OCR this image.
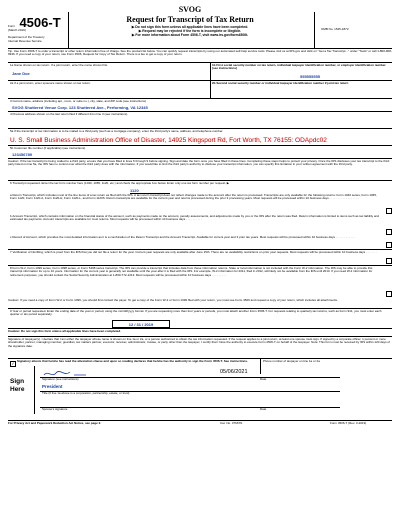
Form 4506-T
(March 2019)
Department of the Treasury
Internal Revenue Service
SVOG
Request for Transcript of Tax Return
▶ Do not sign this form unless all applicable lines have been completed.
▶ Request may be rejected if the form is incomplete or illegible.
▶ For more information about Form 4506-T, visit www.irs.gov/form4506t.
OMB No. 1545-1872
Tip. Use Form 4506-T to order a transcript or other return information free of charge. See the product list below. You can quickly request transcripts by using our automated self-help service tools. Please visit us at IRS.gov and click on "Get a Tax Transcript..." under "Tools" or call 1-800-908-9946. If you need a copy of your return, use Form 4506, Request for Copy of Tax Return. There is a fee to get a copy of your return.
1a Name shown on tax return. If a joint return, enter the name shown first.
Jane Doe
1b First social security number on tax return, individual taxpayer identification number, or employer identification number (see instructions)
555555555
2a If a joint return, enter spouse's name shown on tax return.	2b Second social security number or individual taxpayer identification number if joint tax return
3 Current name, address (including apt., room, or suite no.), city, state, and ZIP code (see instructions)
SVOG Shuttered Venue Corp. 123 Shuttered Ave., Performing, VA 12345
4 Previous address shown on the last return filed if different from line 3 (see instructions)
5a If the transcript or tax information is to be mailed to a third party (such as a mortgage company), enter the third party's name, address, and telephone number.
U. S. Small Business Administration Office of Disaster, 14925 Kingsport Rd, Fort Worth, TX 76155: ODApdc02
5b Customer file number (if applicable) (see instructions)
123456789
Caution: If the tax transcript is being mailed to a third party, ensure that you have filled in lines 6 through 9 before signing. Sign and date the form once you have filled in these lines. Completing these steps helps to protect your privacy. Once the IRS discloses your tax transcript to the third party listed on line 5a, the IRS has no control over what the third party does with the information. If you would like to limit the third party's authority to disclose your transcript information, you can specify this limitation in your written agreement with the third party.
6 Transcript requested. Enter the tax form number here (1040, 1065, 1120, etc.) and check the appropriate box below. Enter only one tax form number per request. ▶
1120
a Return Transcript, which includes most of the line items of a tax return as filed with the IRS. A tax return transcript does not reflect changes made to the account after the return is processed. Transcripts are only available for the following returns: Form 1040 series, Form 1065, Form 1120, Form 1120-A, Form 1120-H, Form 1120-L, and Form 1120S. Return transcripts are available for the current year and returns processed during the prior 3 processing years. Most requests will be processed within 10 business days . . . . . . . . . . . . . . . . . .
b Account Transcript, which contains information on the financial status of the account, such as payments made on the account, penalty assessments, and adjustments made by you or the IRS after the return was filed. Return information is limited to items such as tax liability and estimated tax payments. Account transcripts are available for most returns. Most requests will be processed within 10 business days . . . . . . . . . .
c Record of Account, which provides the most detailed information as it is a combination of the Return Transcript and the Account Transcript. Available for current year and 3 prior tax years. Most requests will be processed within 10 business days . . . . . . . . . . . .
7 Verification of Nonfiling, which is proof from the IRS that you did not file a return for the year. Current year requests are only available after June 15th. There are no availability restrictions on prior year requests. Most requests will be processed within 10 business days . . . . . . .
8 Form W-2, Form 1099 series, Form 1098 series, or Form 5498 series transcript. The IRS can provide a transcript that includes data from these information returns. State or local information is not included with the Form W-2 information. The IRS may be able to provide this transcript information for up to 10 years. Information for the current year is generally not available until the year after it is filed with the IRS. For example, W-2 information for 2011, filed in 2012, will likely not be available from the IRS until 2013. If you need W-2 information for retirement purposes, you should contact the Social Security Administration at 1-800-772-1213. Most requests will be processed within 10 business days . . . . . . . . .
Caution: If you need a copy of Form W-2 or Form 1099, you should first contact the payer. To get a copy of the Form W-2 or Form 1099 filed with your return, you must use Form 4506 and request a copy of your return, which includes all attachments.
9 Year or period requested. Enter the ending date of the year or period, using the mm/dd/yyyy format. If you are requesting more than four years or periods, you must attach another Form 4506-T. For requests relating to quarterly tax returns, such as Form 941, you must enter each quarter or tax period separately.
12 / 31 / 2019
Caution: Do not sign this form unless all applicable lines have been completed.
Signature of taxpayer(s). I declare that I am either the taxpayer whose name is shown on line 1a or 2a, or a person authorized to obtain the tax information requested. If the request applies to a joint return, at least one spouse must sign. If signed by a corporate officer, 1 percent or more shareholder, partner, managing member, guardian, tax matters partner, executor, receiver, administrator, trustee, or party other than the taxpayer, I certify that I have the authority to execute Form 4506-T on behalf of the taxpayer. Note: This form must be received by IRS within 120 days of the signature date.
✓ Signatory attests that he/she has read the attestation clause and upon so reading declares that he/she has the authority to sign the Form 4506-T. See instructions.	Phone number of taxpayer on line 1a or 2a
Sign
Here
05/06/2021
Signature (see instructions)	Date
President
Title (if line 1a above is a corporation, partnership, estate, or trust)
Spouse's signature	Date
For Privacy Act and Paperwork Reduction Act Notice, see page 2.	Cat. No. 37667N	Form 4506-T (Rev. 3-2019)
